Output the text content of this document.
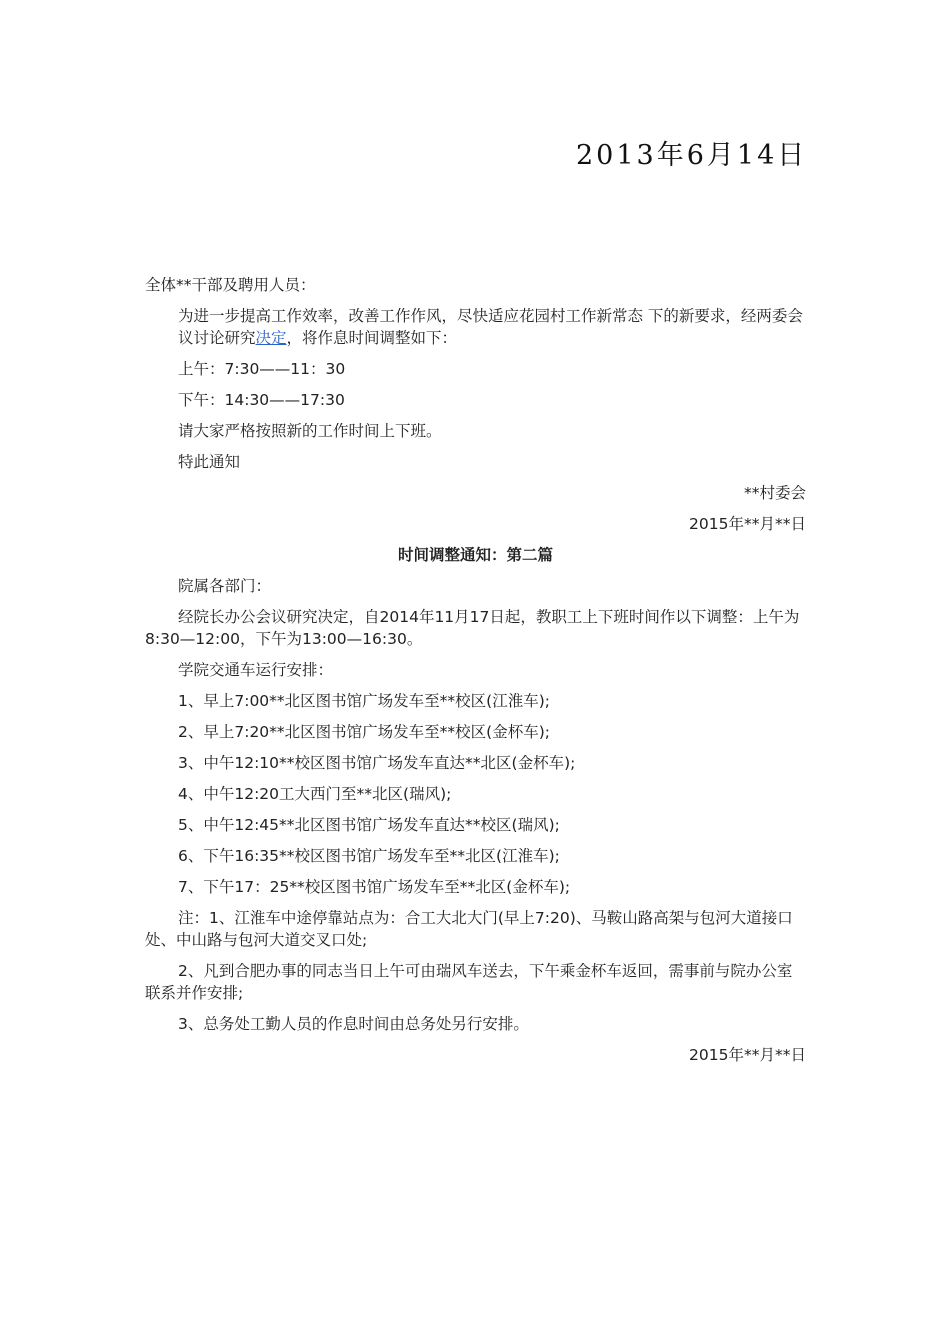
2013年6月14日
全体**干部及聘用人员：
为进一步提高工作效率，改善工作作风，尽快适应花园村工作新常态 下的新要求，经两委会议讨论研究决定，将作息时间调整如下：
上午：7:30——11：30
下午：14:30——17:30
请大家严格按照新的工作时间上下班。
特此通知
**村委会
2015年**月**日
时间调整通知：第二篇
院属各部门：
经院长办公会议研究决定，自2014年11月17日起，教职工上下班时间作以下调整：上午为8:30—12:00，下午为13:00—16:30。
学院交通车运行安排：
1、早上7:00**北区图书馆广场发车至**校区(江淮车);
2、早上7:20**北区图书馆广场发车至**校区(金杯车);
3、中午12:10**校区图书馆广场发车直达**北区(金杯车);
4、中午12:20工大西门至**北区(瑞风);
5、中午12:45**北区图书馆广场发车直达**校区(瑞风);
6、下午16:35**校区图书馆广场发车至**北区(江淮车);
7、下午17：25**校区图书馆广场发车至**北区(金杯车);
注：1、江淮车中途停靠站点为：合工大北大门(早上7:20)、马鞍山路高架与包河大道接口处、中山路与包河大道交叉口处;
2、凡到合肥办事的同志当日上午可由瑞风车送去，下午乘金杯车返回，需事前与院办公室联系并作安排;
3、总务处工勤人员的作息时间由总务处另行安排。
2015年**月**日
